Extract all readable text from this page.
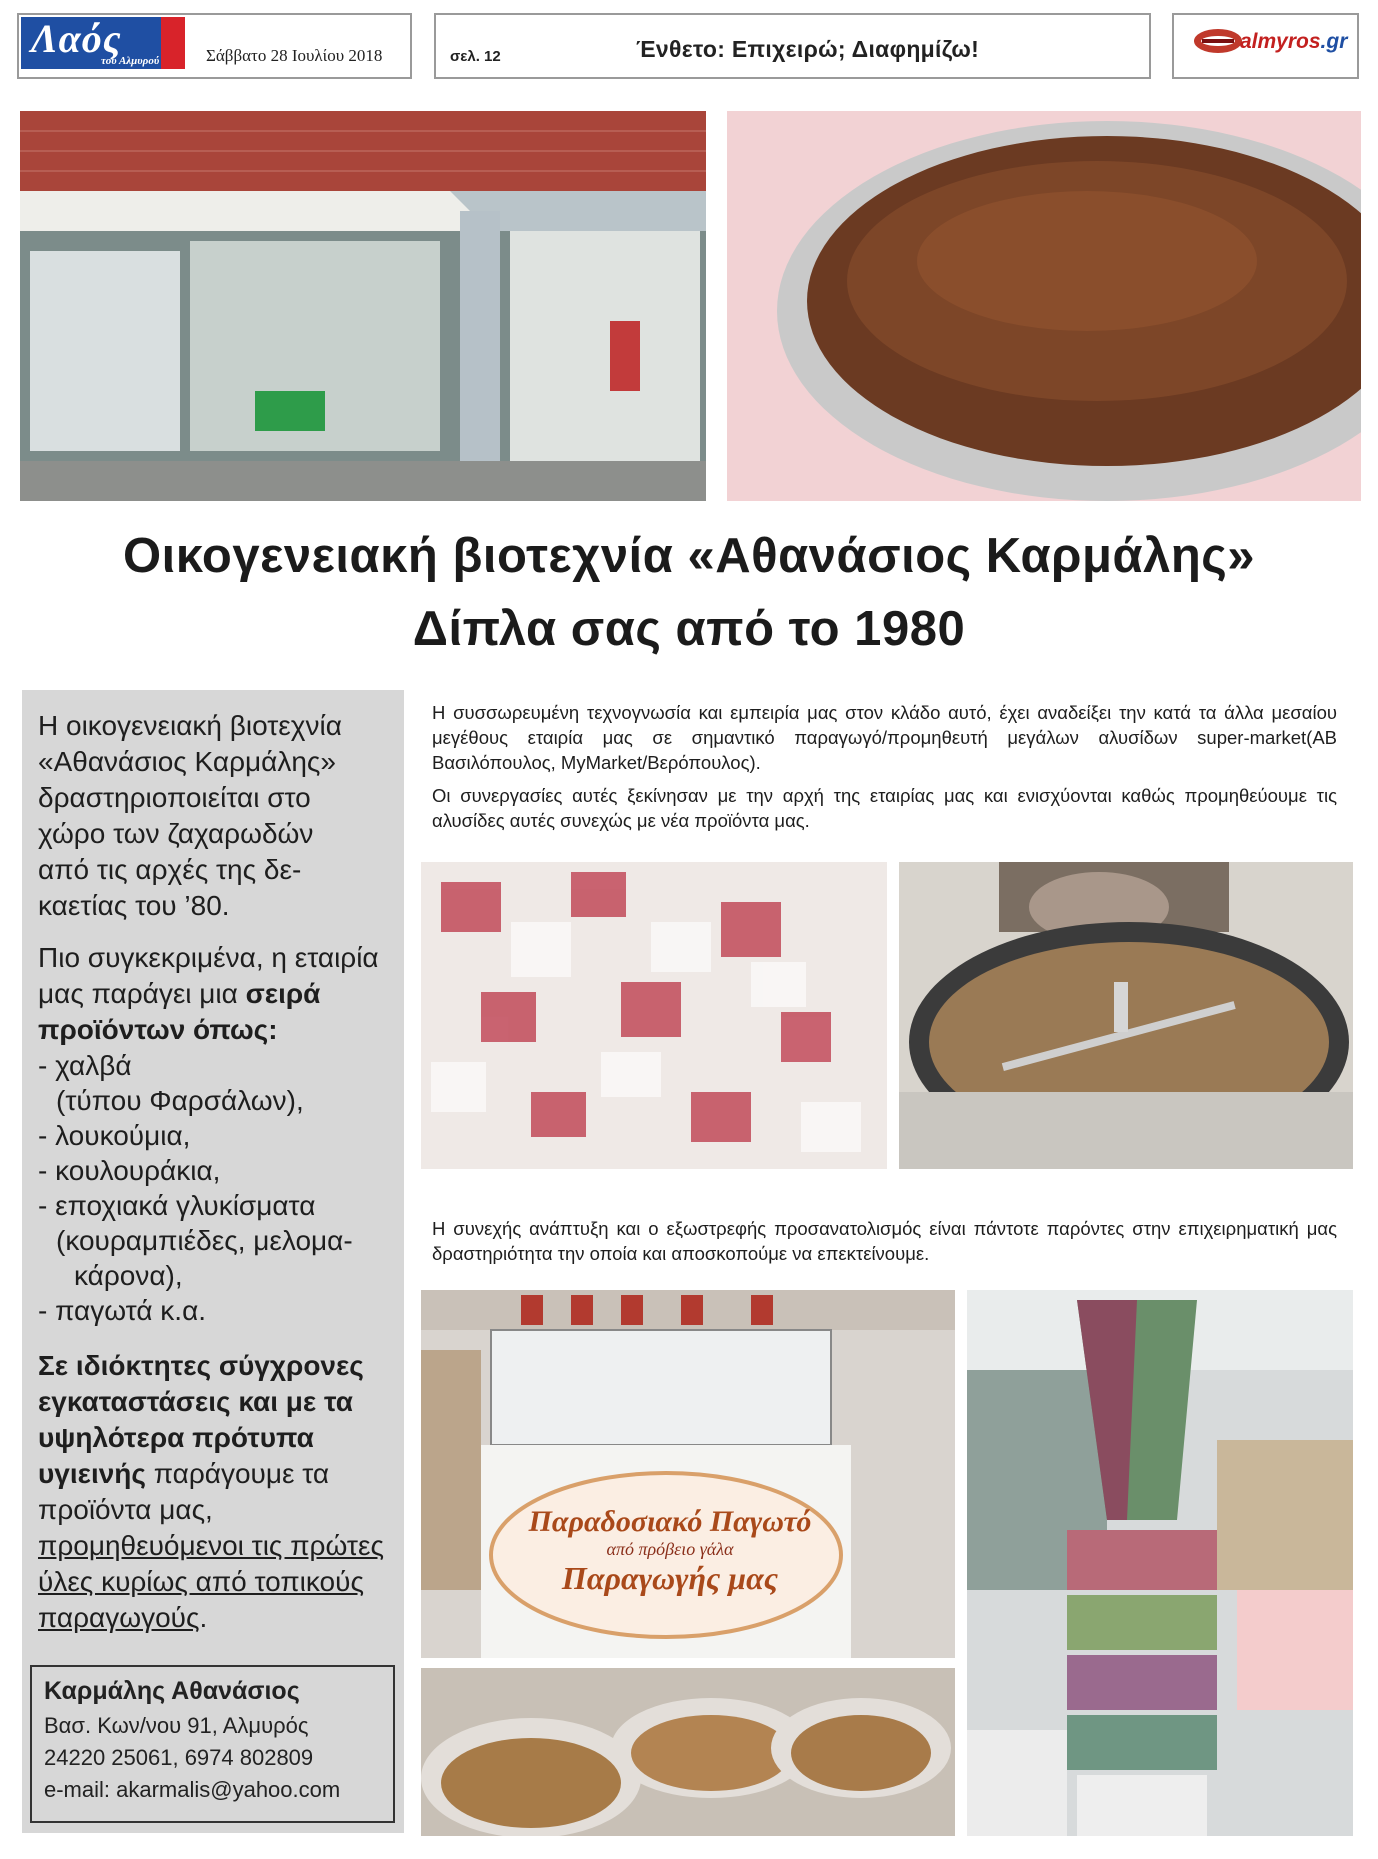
Λαός
του Αλμυρού	Σάββατο 28 Ιουλίου 2018	σελ. 12	Ένθετο: Επιχειρώ; Διαφημίζω!	almyros.gr
Οικογενειακή βιοτεχνία «Αθανάσιος Καρμάλης»
Δίπλα σας από το 1980

Η οικογενειακή βιοτεχνία
«Αθανάσιος Καρμάλης»
δραστηριοποιείται στο
χώρο των ζαχαρωδών
από τις αρχές της δε-
καετίας του ’80.

Πιο συγκεκριμένα, η εταιρία μας παράγει μια σειρά προϊόντων όπως:

- χαλβά
(τύπου Φαρσάλων),
- λουκούμια,
- κουλουράκια,
- εποχιακά γλυκίσματα
(κουραμπιέδες, μελομα-
κάρονα),
- παγωτά κ.α.

Σε ιδιόκτητες σύγχρονες εγκαταστάσεις και με τα υψηλότερα πρότυπα υγιεινής παράγουμε τα προϊόντα μας, προμηθευόμενοι τις πρώτες ύλες κυρίως από τοπικούς παραγωγούς.

Καρμάλης Αθανάσιος
Βασ. Κων/νου 91, Αλμυρός
24220 25061, 6974 802809
e-mail: akarmalis@yahoo.com

Η συσσωρευμένη τεχνογνωσία και εμπειρία μας στον κλάδο αυτό, έχει αναδείξει την κατά τα άλλα μεσαίου μεγέθους εταιρία μας σε σημαντικό παραγωγό/προμηθευτή μεγάλων αλυσίδων super-market(ΑΒ Βασιλόπουλος, MyMarket/Βερόπουλος).

Οι συνεργασίες αυτές ξεκίνησαν με την αρχή της εταιρίας μας και ενισχύονται καθώς προμηθεύουμε τις αλυσίδες αυτές συνεχώς με νέα προϊόντα μας.

Η συνεχής ανάπτυξη και ο εξωστρεφής προσανατολισμός είναι πάντοτε παρόντες στην επιχειρηματική μας δραστηριότητα την οποία και αποσκοπούμε να επεκτείνουμε.

Παραδοσιακό Παγωτό
από πρόβειο γάλα
Παραγωγής μας
